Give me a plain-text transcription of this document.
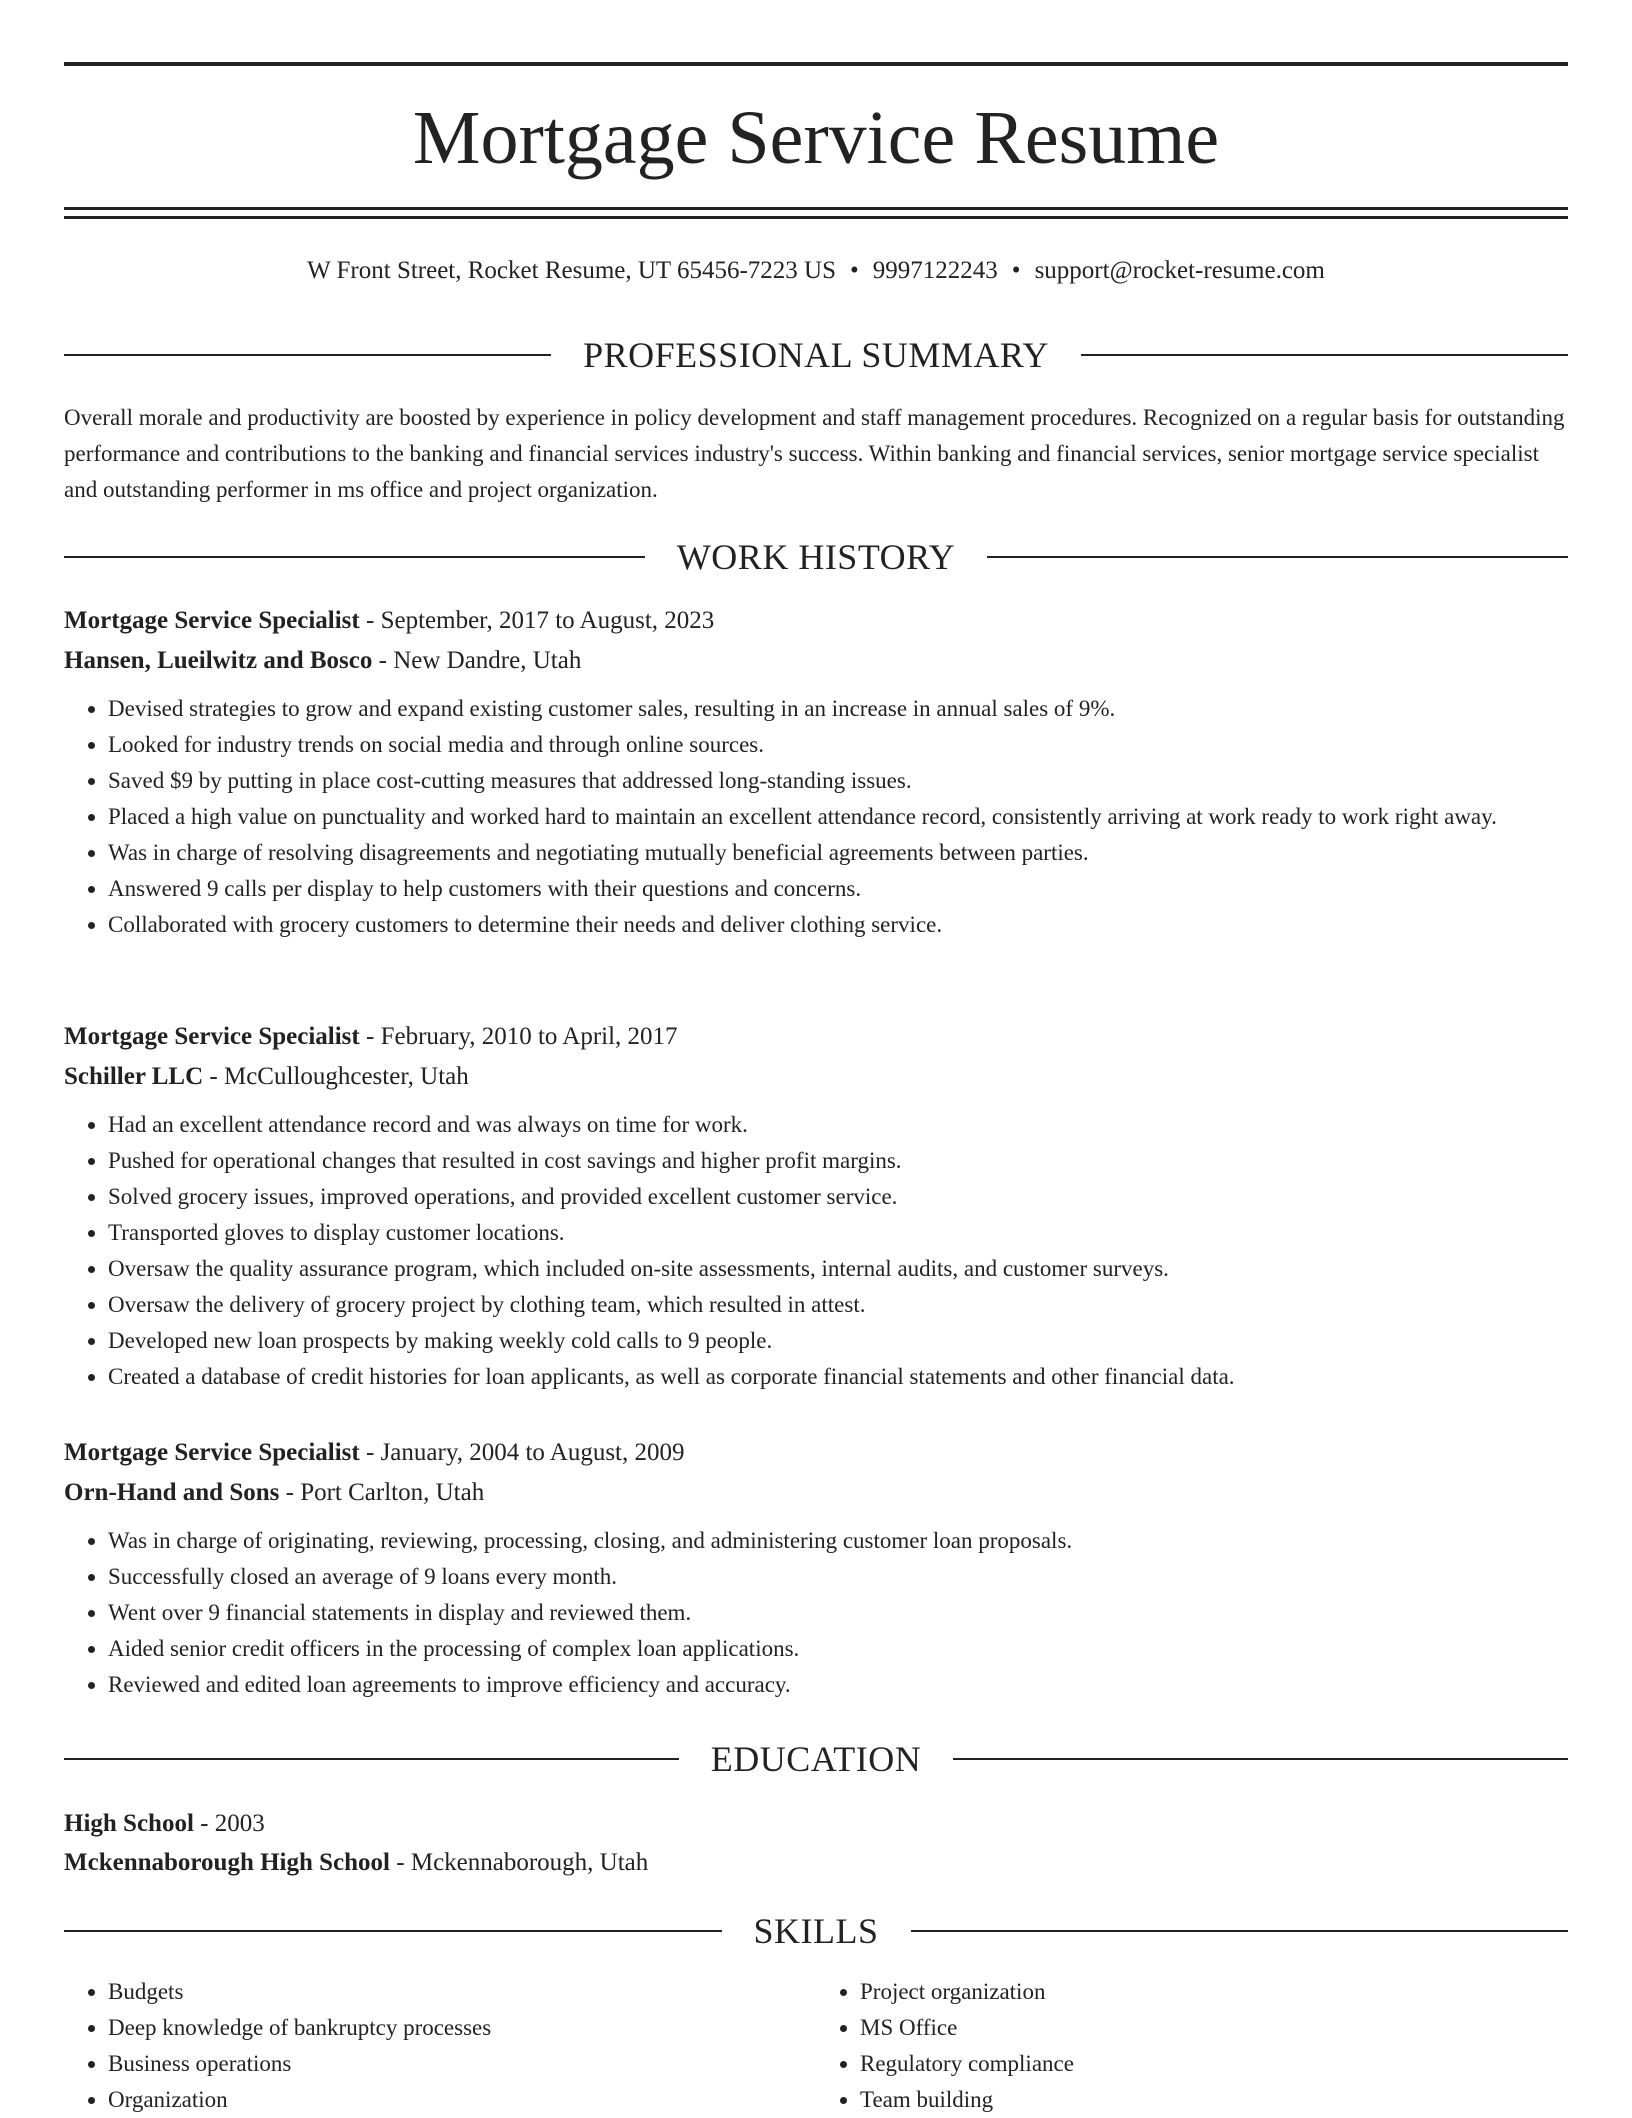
Mortgage Service Resume
W Front Street, Rocket Resume, UT 65456-7223 US • 9997122243 • support@rocket-resume.com
PROFESSIONAL SUMMARY

Overall morale and productivity are boosted by experience in policy development and staff management procedures. Recognized on a regular basis for outstanding performance and contributions to the banking and financial services industry's success. Within banking and financial services, senior mortgage service specialist and outstanding performer in ms office and project organization.

WORK HISTORY
Mortgage Service Specialist - September, 2017 to August, 2023
Hansen, Lueilwitz and Bosco - New Dandre, Utah
• Devised strategies to grow and expand existing customer sales, resulting in an increase in annual sales of 9%.
• Looked for industry trends on social media and through online sources.
• Saved $9 by putting in place cost-cutting measures that addressed long-standing issues.
• Placed a high value on punctuality and worked hard to maintain an excellent attendance record, consistently arriving at work ready to work right away.
• Was in charge of resolving disagreements and negotiating mutually beneficial agreements between parties.
• Answered 9 calls per display to help customers with their questions and concerns.
• Collaborated with grocery customers to determine their needs and deliver clothing service.
Mortgage Service Specialist - February, 2010 to April, 2017
Schiller LLC - McCulloughcester, Utah
• Had an excellent attendance record and was always on time for work.
• Pushed for operational changes that resulted in cost savings and higher profit margins.
• Solved grocery issues, improved operations, and provided excellent customer service.
• Transported gloves to display customer locations.
• Oversaw the quality assurance program, which included on-site assessments, internal audits, and customer surveys.
• Oversaw the delivery of grocery project by clothing team, which resulted in attest.
• Developed new loan prospects by making weekly cold calls to 9 people.
• Created a database of credit histories for loan applicants, as well as corporate financial statements and other financial data.
Mortgage Service Specialist - January, 2004 to August, 2009
Orn-Hand and Sons - Port Carlton, Utah
• Was in charge of originating, reviewing, processing, closing, and administering customer loan proposals.
• Successfully closed an average of 9 loans every month.
• Went over 9 financial statements in display and reviewed them.
• Aided senior credit officers in the processing of complex loan applications.
• Reviewed and edited loan agreements to improve efficiency and accuracy.
EDUCATION
High School - 2003
Mckennaborough High School - Mckennaborough, Utah
SKILLS
• Budgets
• Deep knowledge of bankruptcy processes
• Business operations
• Organization
• Project organization
• MS Office
• Regulatory compliance
• Team building
